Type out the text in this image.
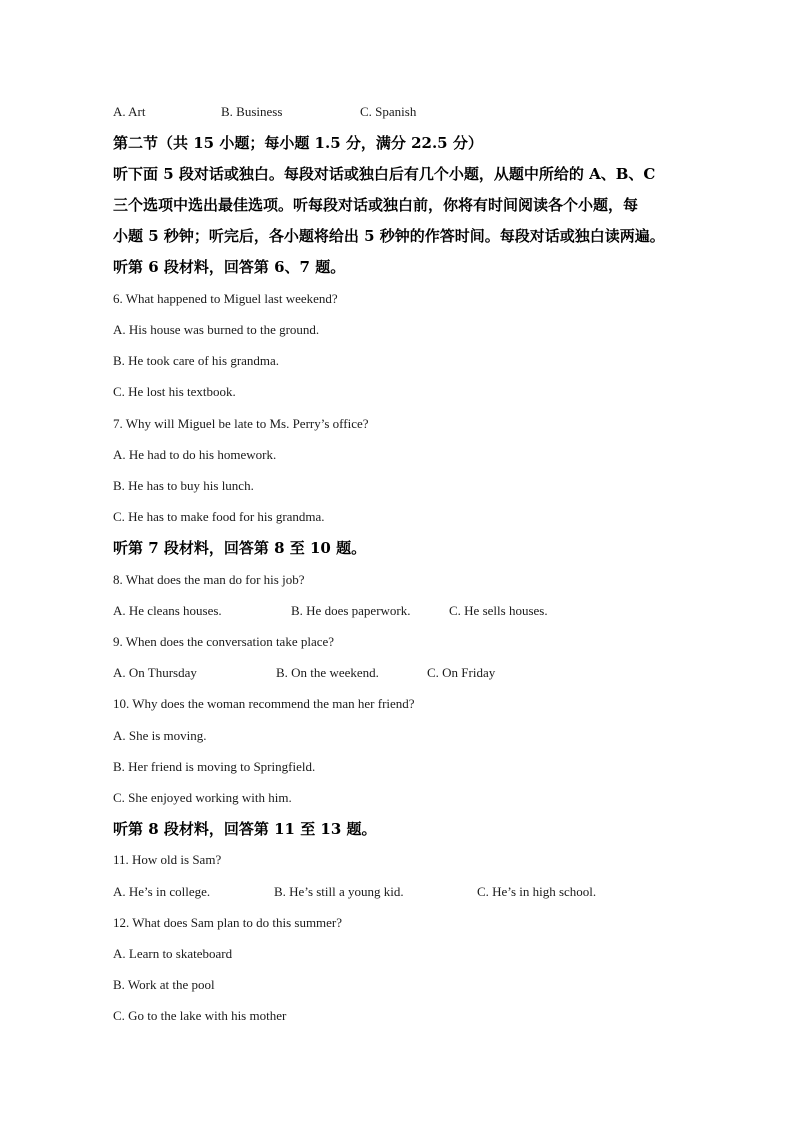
A. Art	B. Business	C. Spanish
第二节（共 15 小题；每小题 1.5 分，满分 22.5 分）
听下面 5 段对话或独白。每段对话或独白后有几个小题，从题中所给的 A、B、C
三个选项中选出最佳选项。听每段对话或独白前，你将有时间阅读各个小题，每
小题 5 秒钟；听完后，各小题将给出 5 秒钟的作答时间。每段对话或独白读两遍。
听第 6 段材料，回答第 6、7 题。
6. What happened to Miguel last weekend?
A. His house was burned to the ground.
B. He took care of his grandma.
C. He lost his textbook.
7. Why will Miguel be late to Ms. Perry’s office?
A. He had to do his homework.
B. He has to buy his lunch.
C. He has to make food for his grandma.
听第 7 段材料，回答第 8 至 10 题。
8. What does the man do for his job?
A. He cleans houses.	B. He does paperwork.	C. He sells houses.
9. When does the conversation take place?
A. On Thursday	B. On the weekend.	C. On Friday
10. Why does the woman recommend the man her friend?
A. She is moving.
B. Her friend is moving to Springfield.
C. She enjoyed working with him.
听第 8 段材料，回答第 11 至 13 题。
11. How old is Sam?
A. He’s in college.	B. He’s still a young kid.	C. He’s in high school.
12. What does Sam plan to do this summer?
A. Learn to skateboard
B. Work at the pool
C. Go to the lake with his mother
